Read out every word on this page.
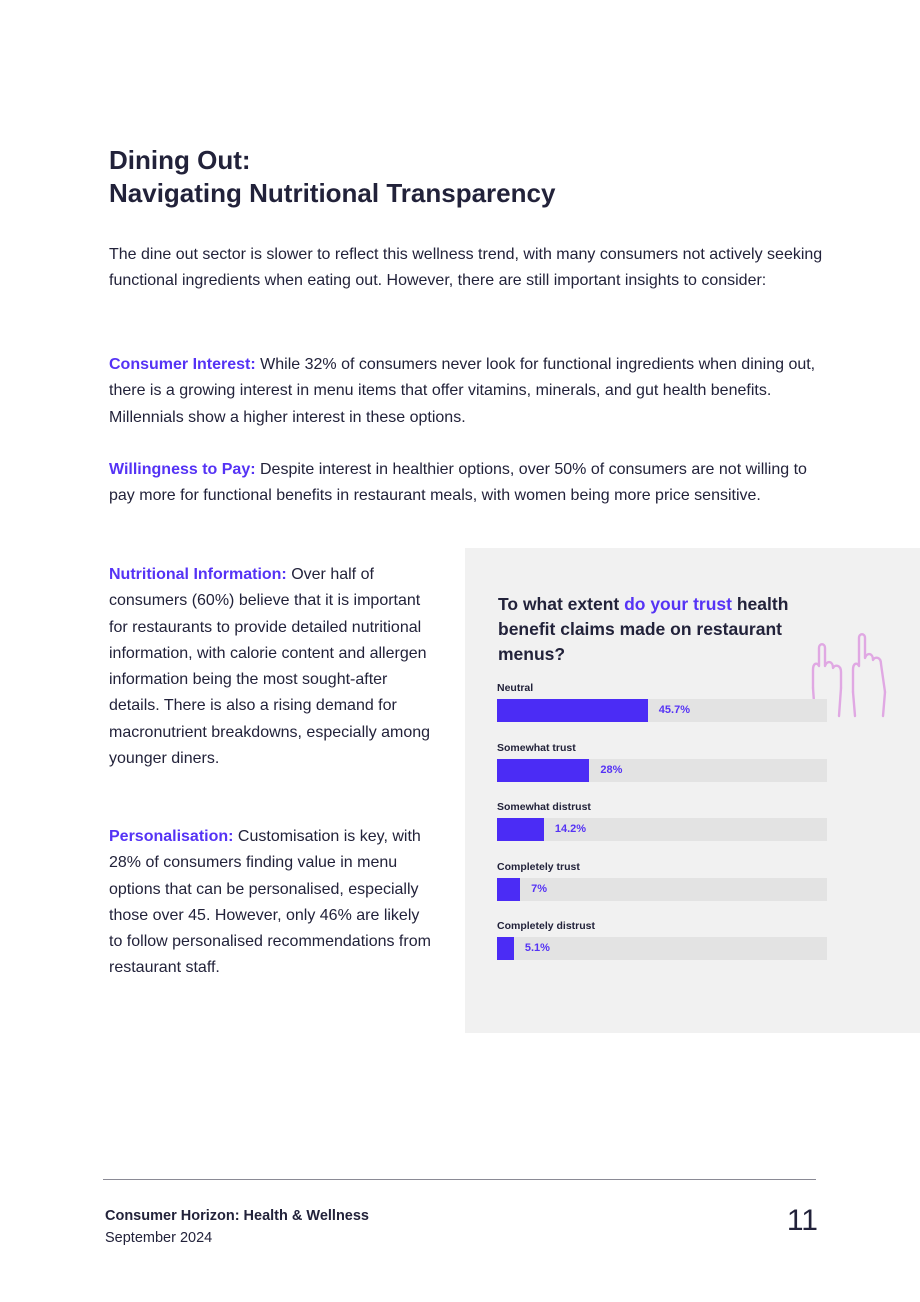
Dining Out:
Navigating Nutritional Transparency

The dine out sector is slower to reflect this wellness trend, with many consumers not actively seeking functional ingredients when eating out. However, there are still important insights to consider:

Consumer Interest: While 32% of consumers never look for functional ingredients when dining out, there is a growing interest in menu items that offer vitamins, minerals, and gut health benefits. Millennials show a higher interest in these options.

Willingness to Pay: Despite interest in healthier options, over 50% of consumers are not willing to pay more for functional benefits in restaurant meals, with women being more price sensitive.

Nutritional Information: Over half of consumers (60%) believe that it is important for restaurants to provide detailed nutritional information, with calorie content and allergen information being the most sought-after details. There is also a rising demand for macronutrient breakdowns, especially among younger diners.

Personalisation: Customisation is key, with 28% of consumers finding value in menu options that can be personalised, especially those over 45. However, only 46% are likely to follow personalised recommendations from restaurant staff.

To what extent do your trust health benefit claims made on restaurant menus?
Neutral
45.7%
Somewhat trust
28%
Somewhat distrust
14.2%
Completely trust
7%
Completely distrust
5.1%
Consumer Horizon: Health & Wellness
September 2024
11
